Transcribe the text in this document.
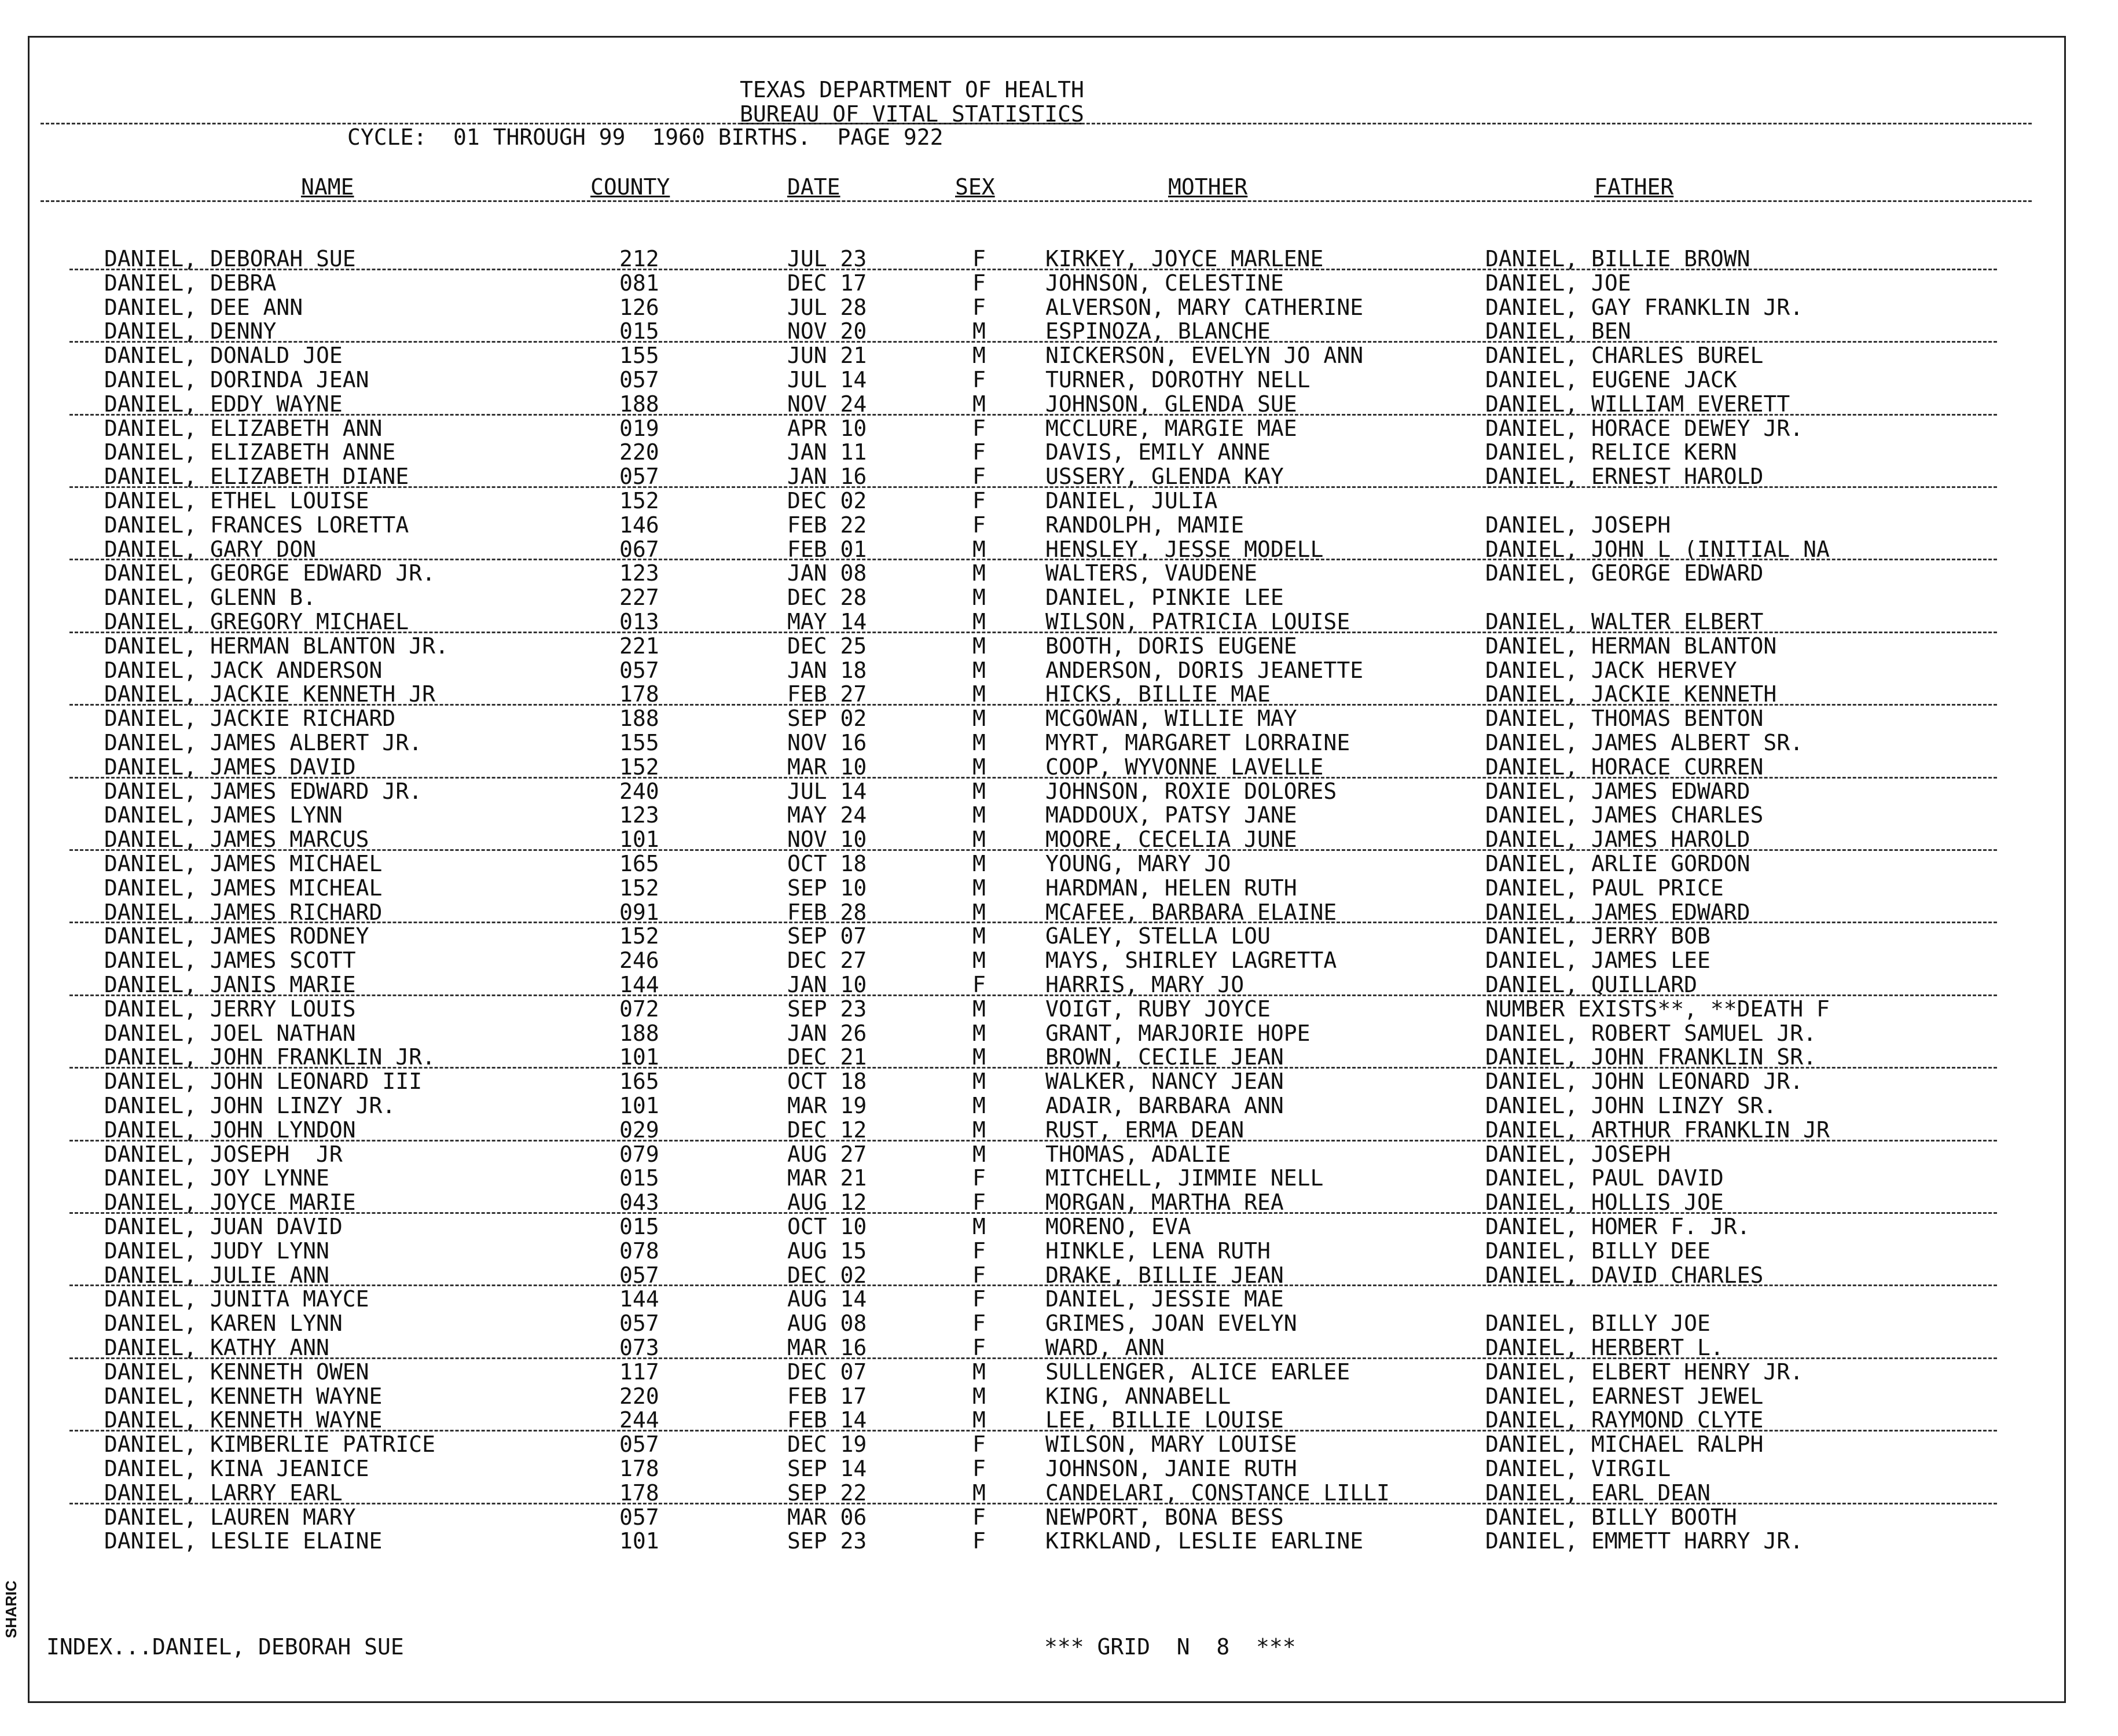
TEXAS DEPARTMENT OF HEALTH
BUREAU OF VITAL STATISTICS
CYCLE:  01 THROUGH 99  1960 BIRTHS.  PAGE 922
NAME	COUNTY	DATE	SEX	MOTHER	FATHER
DANIEL, DEBORAH SUE	212	JUL 23	F	KIRKEY, JOYCE MARLENE	DANIEL, BILLIE BROWN
DANIEL, DEBRA	081	DEC 17	F	JOHNSON, CELESTINE	DANIEL, JOE
DANIEL, DEE ANN	126	JUL 28	F	ALVERSON, MARY CATHERINE	DANIEL, GAY FRANKLIN JR.
DANIEL, DENNY	015	NOV 20	M	ESPINOZA, BLANCHE	DANIEL, BEN
DANIEL, DONALD JOE	155	JUN 21	M	NICKERSON, EVELYN JO ANN	DANIEL, CHARLES BUREL
DANIEL, DORINDA JEAN	057	JUL 14	F	TURNER, DOROTHY NELL	DANIEL, EUGENE JACK
DANIEL, EDDY WAYNE	188	NOV 24	M	JOHNSON, GLENDA SUE	DANIEL, WILLIAM EVERETT
DANIEL, ELIZABETH ANN	019	APR 10	F	MCCLURE, MARGIE MAE	DANIEL, HORACE DEWEY JR.
DANIEL, ELIZABETH ANNE	220	JAN 11	F	DAVIS, EMILY ANNE	DANIEL, RELICE KERN
DANIEL, ELIZABETH DIANE	057	JAN 16	F	USSERY, GLENDA KAY	DANIEL, ERNEST HAROLD
DANIEL, ETHEL LOUISE	152	DEC 02	F	DANIEL, JULIA
DANIEL, FRANCES LORETTA	146	FEB 22	F	RANDOLPH, MAMIE	DANIEL, JOSEPH
DANIEL, GARY DON	067	FEB 01	M	HENSLEY, JESSE MODELL	DANIEL, JOHN L (INITIAL NA
DANIEL, GEORGE EDWARD JR.	123	JAN 08	M	WALTERS, VAUDENE	DANIEL, GEORGE EDWARD
DANIEL, GLENN B.	227	DEC 28	M	DANIEL, PINKIE LEE
DANIEL, GREGORY MICHAEL	013	MAY 14	M	WILSON, PATRICIA LOUISE	DANIEL, WALTER ELBERT
DANIEL, HERMAN BLANTON JR.	221	DEC 25	M	BOOTH, DORIS EUGENE	DANIEL, HERMAN BLANTON
DANIEL, JACK ANDERSON	057	JAN 18	M	ANDERSON, DORIS JEANETTE	DANIEL, JACK HERVEY
DANIEL, JACKIE KENNETH JR	178	FEB 27	M	HICKS, BILLIE MAE	DANIEL, JACKIE KENNETH
DANIEL, JACKIE RICHARD	188	SEP 02	M	MCGOWAN, WILLIE MAY	DANIEL, THOMAS BENTON
DANIEL, JAMES ALBERT JR.	155	NOV 16	M	MYRT, MARGARET LORRAINE	DANIEL, JAMES ALBERT SR.
DANIEL, JAMES DAVID	152	MAR 10	M	COOP, WYVONNE LAVELLE	DANIEL, HORACE CURREN
DANIEL, JAMES EDWARD JR.	240	JUL 14	M	JOHNSON, ROXIE DOLORES	DANIEL, JAMES EDWARD
DANIEL, JAMES LYNN	123	MAY 24	M	MADDOUX, PATSY JANE	DANIEL, JAMES CHARLES
DANIEL, JAMES MARCUS	101	NOV 10	M	MOORE, CECELIA JUNE	DANIEL, JAMES HAROLD
DANIEL, JAMES MICHAEL	165	OCT 18	M	YOUNG, MARY JO	DANIEL, ARLIE GORDON
DANIEL, JAMES MICHEAL	152	SEP 10	M	HARDMAN, HELEN RUTH	DANIEL, PAUL PRICE
DANIEL, JAMES RICHARD	091	FEB 28	M	MCAFEE, BARBARA ELAINE	DANIEL, JAMES EDWARD
DANIEL, JAMES RODNEY	152	SEP 07	M	GALEY, STELLA LOU	DANIEL, JERRY BOB
DANIEL, JAMES SCOTT	246	DEC 27	M	MAYS, SHIRLEY LAGRETTA	DANIEL, JAMES LEE
DANIEL, JANIS MARIE	144	JAN 10	F	HARRIS, MARY JO	DANIEL, QUILLARD
DANIEL, JERRY LOUIS	072	SEP 23	M	VOIGT, RUBY JOYCE	NUMBER EXISTS**, **DEATH F
DANIEL, JOEL NATHAN	188	JAN 26	M	GRANT, MARJORIE HOPE	DANIEL, ROBERT SAMUEL JR.
DANIEL, JOHN FRANKLIN JR.	101	DEC 21	M	BROWN, CECILE JEAN	DANIEL, JOHN FRANKLIN SR.
DANIEL, JOHN LEONARD III	165	OCT 18	M	WALKER, NANCY JEAN	DANIEL, JOHN LEONARD JR.
DANIEL, JOHN LINZY JR.	101	MAR 19	M	ADAIR, BARBARA ANN	DANIEL, JOHN LINZY SR.
DANIEL, JOHN LYNDON	029	DEC 12	M	RUST, ERMA DEAN	DANIEL, ARTHUR FRANKLIN JR
DANIEL, JOSEPH  JR	079	AUG 27	M	THOMAS, ADALIE	DANIEL, JOSEPH
DANIEL, JOY LYNNE	015	MAR 21	F	MITCHELL, JIMMIE NELL	DANIEL, PAUL DAVID
DANIEL, JOYCE MARIE	043	AUG 12	F	MORGAN, MARTHA REA	DANIEL, HOLLIS JOE
DANIEL, JUAN DAVID	015	OCT 10	M	MORENO, EVA	DANIEL, HOMER F. JR.
DANIEL, JUDY LYNN	078	AUG 15	F	HINKLE, LENA RUTH	DANIEL, BILLY DEE
DANIEL, JULIE ANN	057	DEC 02	F	DRAKE, BILLIE JEAN	DANIEL, DAVID CHARLES
DANIEL, JUNITA MAYCE	144	AUG 14	F	DANIEL, JESSIE MAE
DANIEL, KAREN LYNN	057	AUG 08	F	GRIMES, JOAN EVELYN	DANIEL, BILLY JOE
DANIEL, KATHY ANN	073	MAR 16	F	WARD, ANN	DANIEL, HERBERT L.
DANIEL, KENNETH OWEN	117	DEC 07	M	SULLENGER, ALICE EARLEE	DANIEL, ELBERT HENRY JR.
DANIEL, KENNETH WAYNE	220	FEB 17	M	KING, ANNABELL	DANIEL, EARNEST JEWEL
DANIEL, KENNETH WAYNE	244	FEB 14	M	LEE, BILLIE LOUISE	DANIEL, RAYMOND CLYTE
DANIEL, KIMBERLIE PATRICE	057	DEC 19	F	WILSON, MARY LOUISE	DANIEL, MICHAEL RALPH
DANIEL, KINA JEANICE	178	SEP 14	F	JOHNSON, JANIE RUTH	DANIEL, VIRGIL
DANIEL, LARRY EARL	178	SEP 22	M	CANDELARI, CONSTANCE LILLI	DANIEL, EARL DEAN
DANIEL, LAUREN MARY	057	MAR 06	F	NEWPORT, BONA BESS	DANIEL, BILLY BOOTH
DANIEL, LESLIE ELAINE	101	SEP 23	F	KIRKLAND, LESLIE EARLINE	DANIEL, EMMETT HARRY JR.
INDEX...DANIEL, DEBORAH SUE	*** GRID  N  8  ***
SHARIC
